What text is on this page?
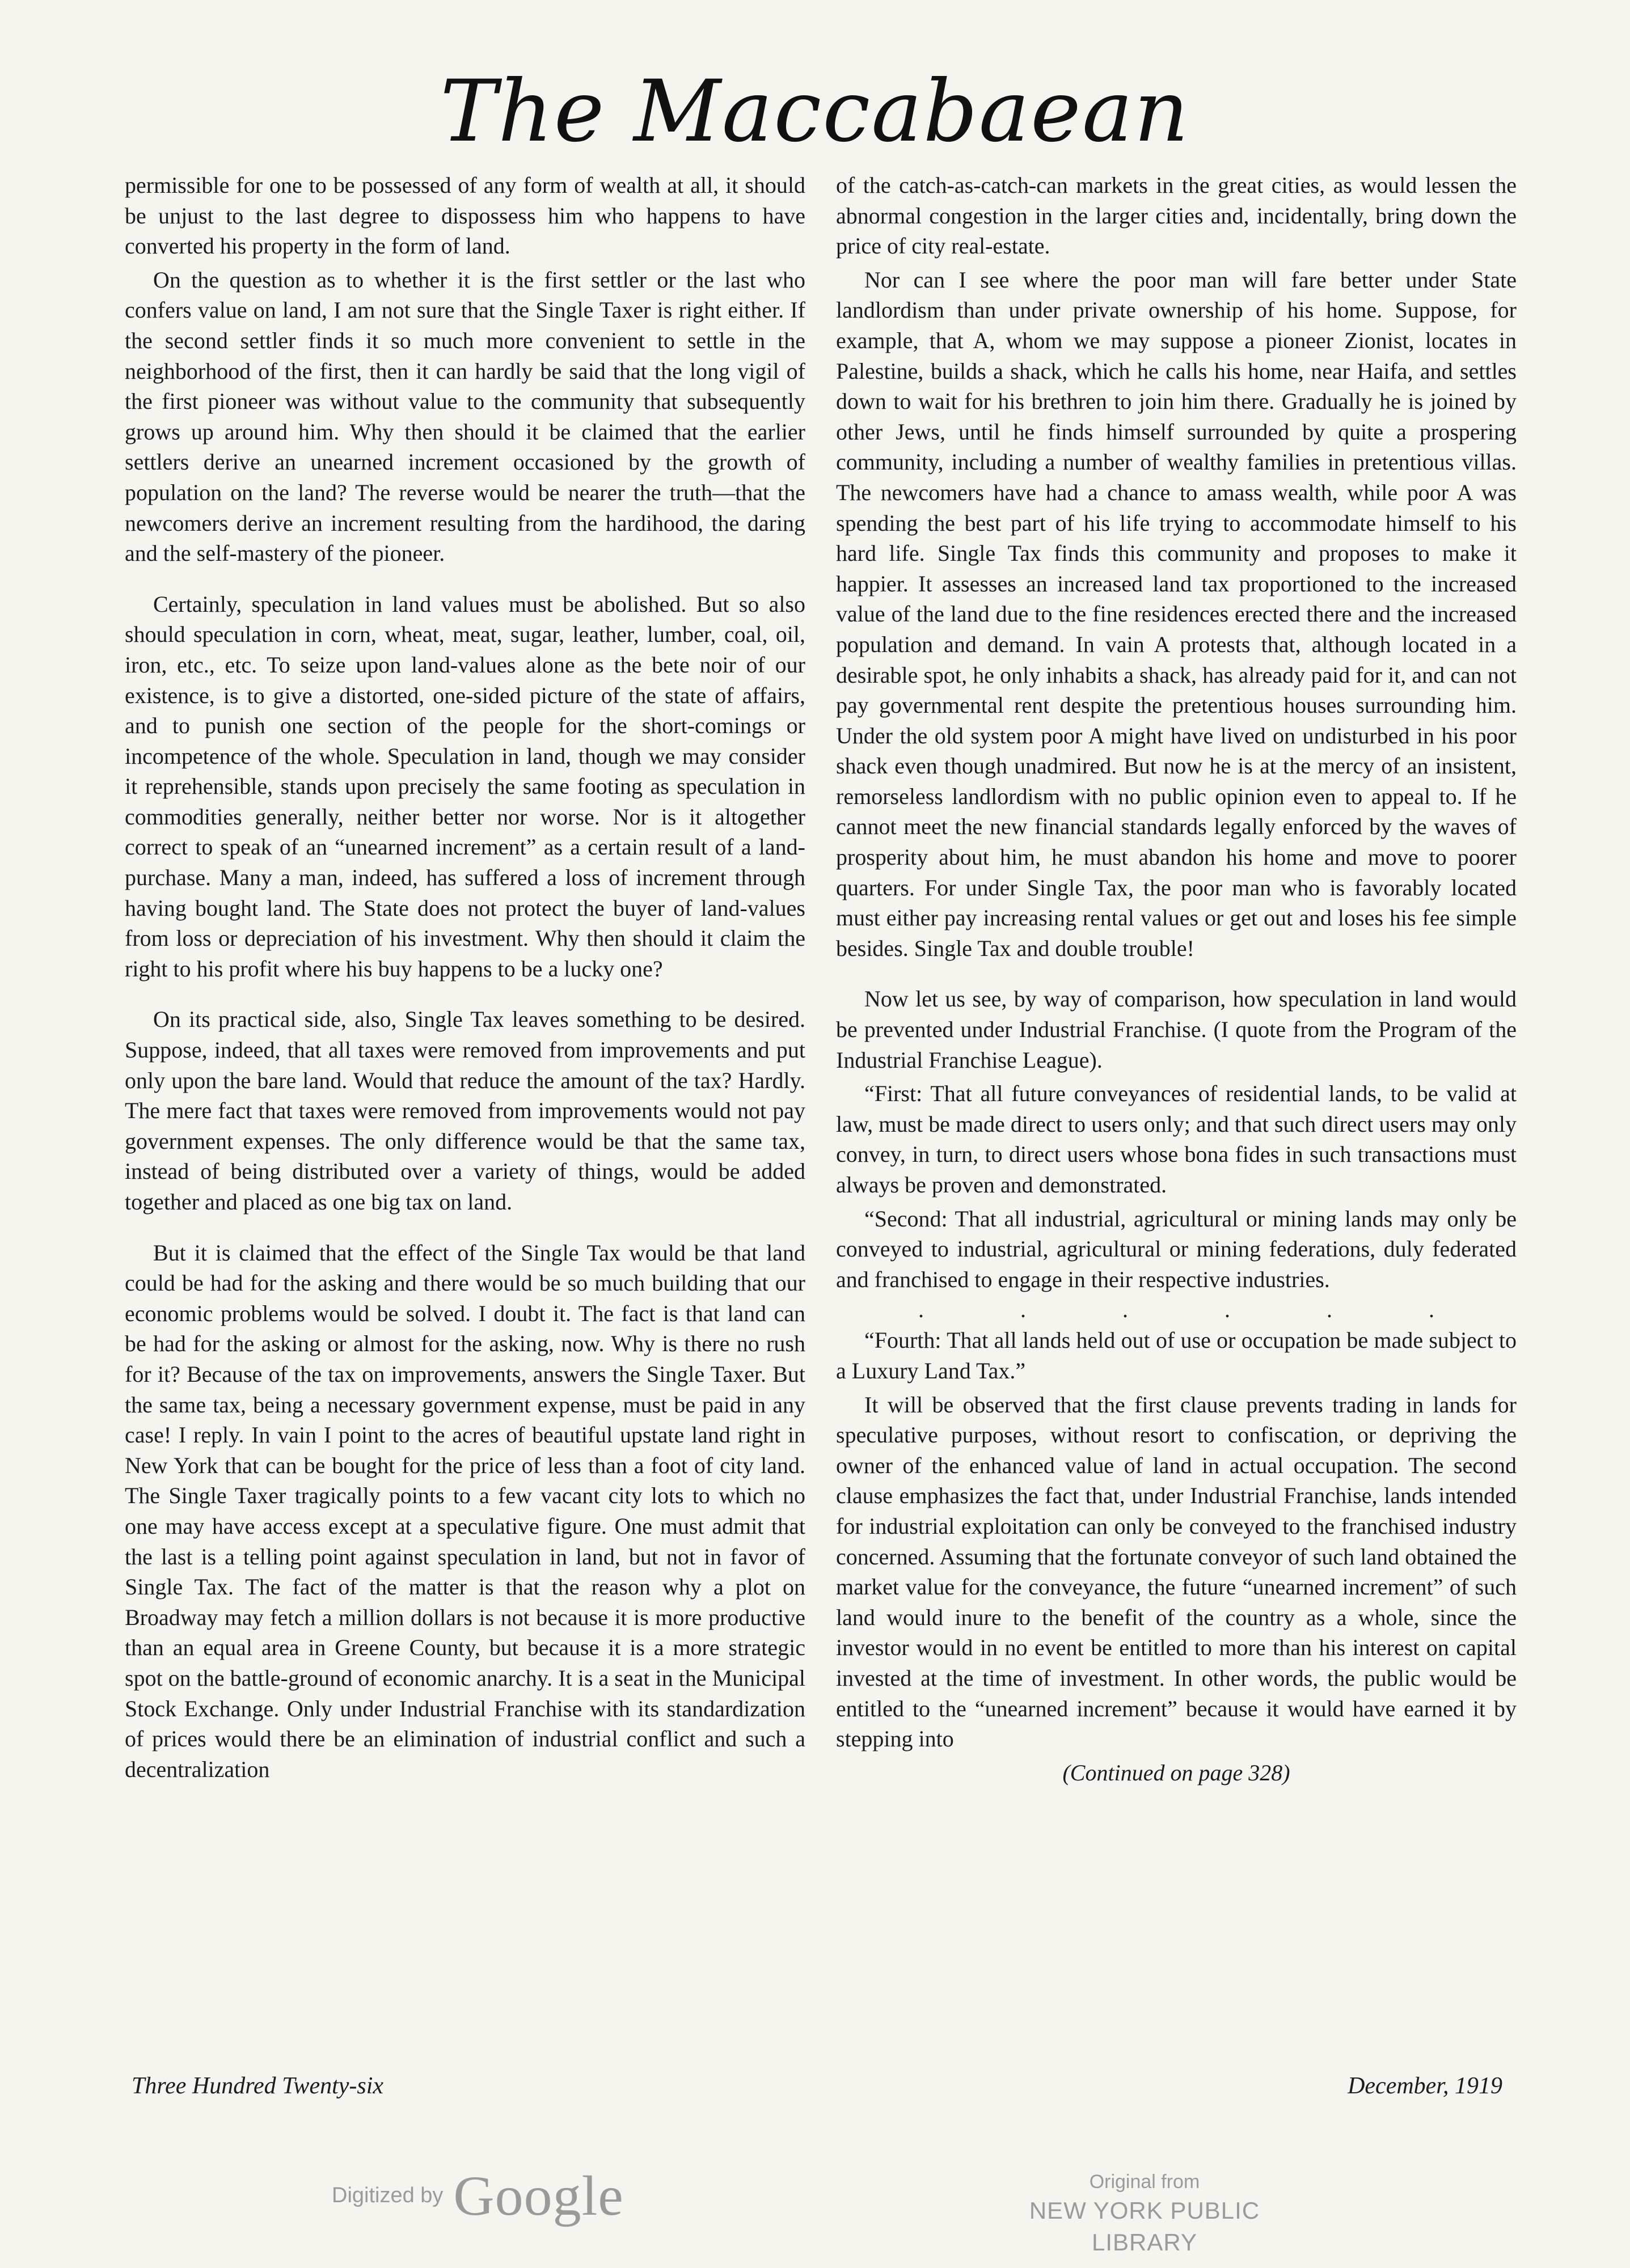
The Maccabaean

permissible for one to be possessed of any form of wealth at all, it should be unjust to the last degree to dispossess him who happens to have converted his property in the form of land.

On the question as to whether it is the first settler or the last who confers value on land, I am not sure that the Single Taxer is right either. If the second settler finds it so much more convenient to settle in the neighborhood of the first, then it can hardly be said that the long vigil of the first pioneer was without value to the community that subsequently grows up around him. Why then should it be claimed that the earlier settlers derive an unearned increment occasioned by the growth of population on the land? The reverse would be nearer the truth—that the newcomers derive an increment resulting from the hardihood, the daring and the self-mastery of the pioneer.

Certainly, speculation in land values must be abolished. But so also should speculation in corn, wheat, meat, sugar, leather, lumber, coal, oil, iron, etc., etc. To seize upon land-values alone as the bete noir of our existence, is to give a distorted, one-sided picture of the state of affairs, and to punish one section of the people for the short-comings or incompetence of the whole. Speculation in land, though we may consider it reprehensible, stands upon precisely the same footing as speculation in commodities generally, neither better nor worse. Nor is it altogether correct to speak of an “unearned increment” as a certain result of a land-purchase. Many a man, indeed, has suffered a loss of increment through having bought land. The State does not protect the buyer of land-values from loss or depreciation of his investment. Why then should it claim the right to his profit where his buy happens to be a lucky one?

On its practical side, also, Single Tax leaves something to be desired. Suppose, indeed, that all taxes were removed from improvements and put only upon the bare land. Would that reduce the amount of the tax? Hardly. The mere fact that taxes were removed from improvements would not pay government expenses. The only difference would be that the same tax, instead of being distributed over a variety of things, would be added together and placed as one big tax on land.

But it is claimed that the effect of the Single Tax would be that land could be had for the asking and there would be so much building that our economic problems would be solved. I doubt it. The fact is that land can be had for the asking or almost for the asking, now. Why is there no rush for it? Because of the tax on improvements, answers the Single Taxer. But the same tax, being a necessary government expense, must be paid in any case! I reply. In vain I point to the acres of beautiful upstate land right in New York that can be bought for the price of less than a foot of city land. The Single Taxer tragically points to a few vacant city lots to which no one may have access except at a speculative figure. One must admit that the last is a telling point against speculation in land, but not in favor of Single Tax. The fact of the matter is that the reason why a plot on Broadway may fetch a million dollars is not because it is more productive than an equal area in Greene County, but because it is a more strategic spot on the battle-ground of economic anarchy. It is a seat in the Municipal Stock Exchange. Only under Industrial Franchise with its standardization of prices would there be an elimination of industrial conflict and such a decentralization

of the catch-as-catch-can markets in the great cities, as would lessen the abnormal congestion in the larger cities and, incidentally, bring down the price of city real-estate.

Nor can I see where the poor man will fare better under State landlordism than under private ownership of his home. Suppose, for example, that A, whom we may suppose a pioneer Zionist, locates in Palestine, builds a shack, which he calls his home, near Haifa, and settles down to wait for his brethren to join him there. Gradually he is joined by other Jews, until he finds himself surrounded by quite a prospering community, including a number of wealthy families in pretentious villas. The newcomers have had a chance to amass wealth, while poor A was spending the best part of his life trying to accommodate himself to his hard life. Single Tax finds this community and proposes to make it happier. It assesses an increased land tax proportioned to the increased value of the land due to the fine residences erected there and the increased population and demand. In vain A protests that, although located in a desirable spot, he only inhabits a shack, has already paid for it, and can not pay governmental rent despite the pretentious houses surrounding him. Under the old system poor A might have lived on undisturbed in his poor shack even though unadmired. But now he is at the mercy of an insistent, remorseless landlordism with no public opinion even to appeal to. If he cannot meet the new financial standards legally enforced by the waves of prosperity about him, he must abandon his home and move to poorer quarters. For under Single Tax, the poor man who is favorably located must either pay increasing rental values or get out and loses his fee simple besides. Single Tax and double trouble!

Now let us see, by way of comparison, how speculation in land would be prevented under Industrial Franchise. (I quote from the Program of the Industrial Franchise League).

“First: That all future conveyances of residential lands, to be valid at law, must be made direct to users only; and that such direct users may only convey, in turn, to direct users whose bona fides in such transactions must always be proven and demonstrated.

“Second: That all industrial, agricultural or mining lands may only be conveyed to industrial, agricultural or mining federations, duly federated and franchised to engage in their respective industries.

.	.	.	.	.	.

“Fourth: That all lands held out of use or occupation be made subject to a Luxury Land Tax.”

It will be observed that the first clause prevents trading in lands for speculative purposes, without resort to confiscation, or depriving the owner of the enhanced value of land in actual occupation. The second clause emphasizes the fact that, under Industrial Franchise, lands intended for industrial exploitation can only be conveyed to the franchised industry concerned. Assuming that the fortunate conveyor of such land obtained the market value for the conveyance, the future “unearned increment” of such land would inure to the benefit of the country as a whole, since the investor would in no event be entitled to more than his interest on capital invested at the time of investment. In other words, the public would be entitled to the “unearned increment” because it would have earned it by stepping into

(Continued on page 328)

Three Hundred Twenty-six	December, 1919
Digitized by Google	Original from
NEW YORK PUBLIC LIBRARY
